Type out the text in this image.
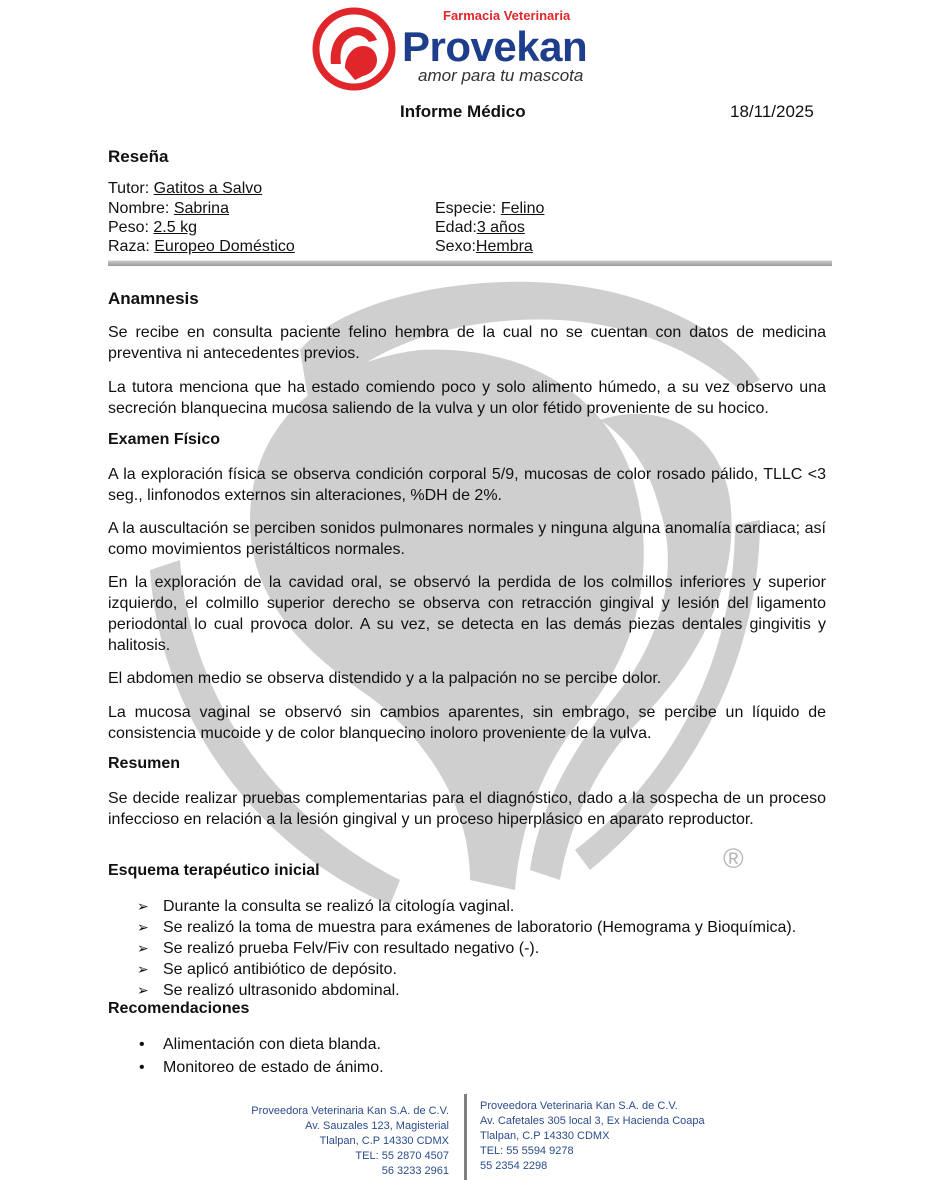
®
Farmacia Veterinaria
Provekan
amor para tu mascota
Informe Médico	18/11/2025
Reseña
Tutor: Gatitos a Salvo
Nombre: Sabrina
Peso: 2.5 kg
Raza: Europeo Doméstico
Especie: Felino
Edad:3 años
Sexo:Hembra
Anamnesis
Se recibe en consulta paciente felino hembra de la cual no se cuentan con datos de medicina preventiva ni antecedentes previos.
La tutora menciona que ha estado comiendo poco y solo alimento húmedo, a su vez observo una secreción blanquecina mucosa saliendo de la vulva y un olor fétido proveniente de su hocico.
Examen Físico
A la exploración física se observa condición corporal 5/9, mucosas de color rosado pálido, TLLC <3 seg., linfonodos externos sin alteraciones, %DH de 2%.
A la auscultación se perciben sonidos pulmonares normales y ninguna alguna anomalía cardiaca; así como movimientos peristálticos normales.
En la exploración de la cavidad oral, se observó la perdida de los colmillos inferiores y superior izquierdo, el colmillo superior derecho se observa con retracción gingival y lesión del ligamento periodontal lo cual provoca dolor. A su vez, se detecta en las demás piezas dentales gingivitis y halitosis.
El abdomen medio se observa distendido y a la palpación no se percibe dolor.
La mucosa vaginal se observó sin cambios aparentes, sin embrago, se percibe un líquido de consistencia mucoide y de color blanquecino inoloro proveniente de la vulva.
Resumen
Se decide realizar pruebas complementarias para el diagnóstico, dado a la sospecha de un proceso infeccioso en relación a la lesión gingival y un proceso hiperplásico en aparato reproductor.
Esquema terapéutico inicial
➢ Durante la consulta se realizó la citología vaginal.
➢ Se realizó la toma de muestra para exámenes de laboratorio (Hemograma y Bioquímica).
➢ Se realizó prueba Felv/Fiv con resultado negativo (-).
➢ Se aplicó antibiótico de depósito.
➢ Se realizó ultrasonido abdominal.
Recomendaciones
• Alimentación con dieta blanda.
• Monitoreo de estado de ánimo.
Proveedora Veterinaria Kan S.A. de C.V.
Av. Sauzales 123, Magisterial
Tlalpan, C.P 14330 CDMX
TEL: 55 2870 4507
56 3233 2961
Proveedora Veterinaria Kan S.A. de C.V.
Av. Cafetales 305 local 3, Ex Hacienda Coapa
Tlalpan, C.P 14330 CDMX
TEL: 55 5594 9278
55 2354 2298
